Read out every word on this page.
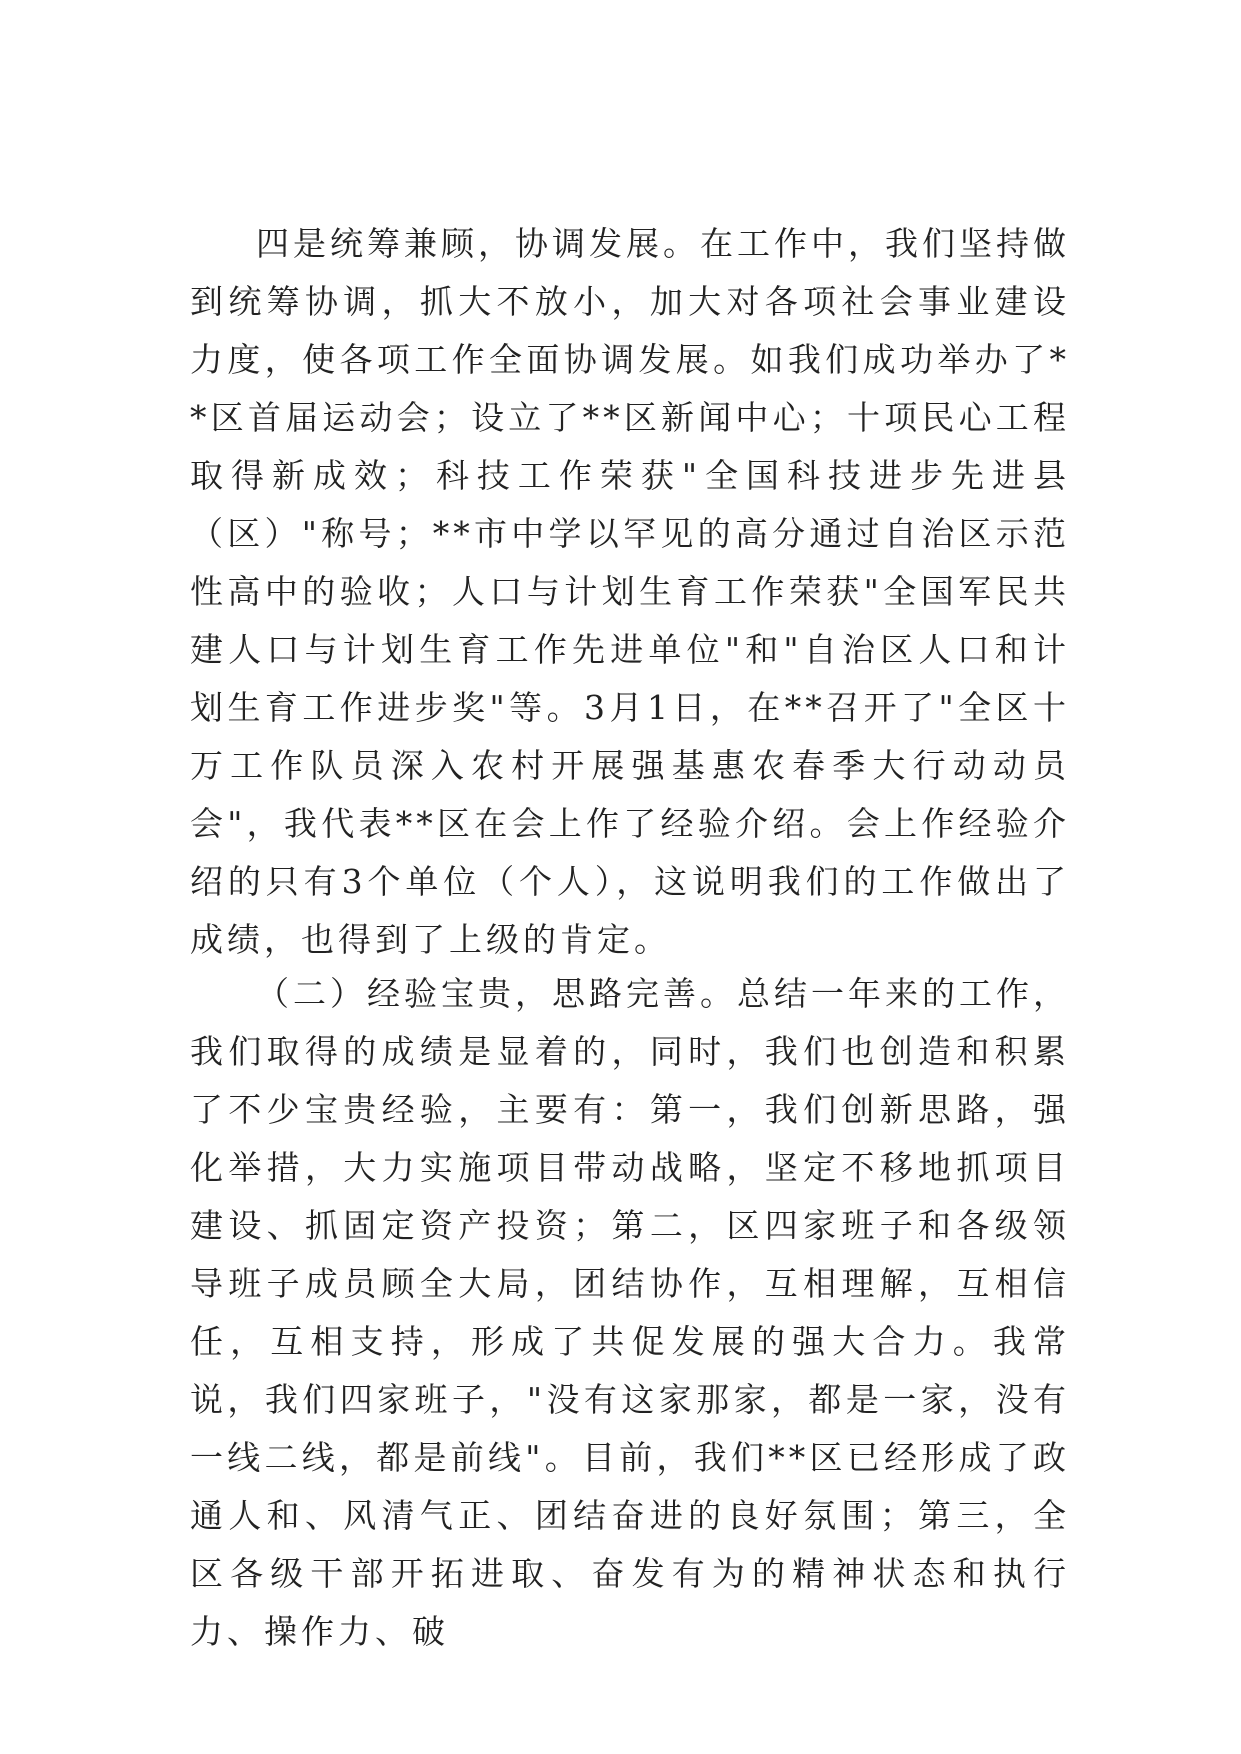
四是统筹兼顾，协调发展。在工作中，我们坚持做到统筹协调，抓大不放小，加大对各项社会事业建设力度，使各项工作全面协调发展。如我们成功举办了**区首届运动会；设立了**区新闻中心；十项民心工程取得新成效；科技工作荣获"全国科技进步先进县（区）"称号；**市中学以罕见的高分通过自治区示范性高中的验收；人口与计划生育工作荣获"全国军民共建人口与计划生育工作先进单位"和"自治区人口和计划生育工作进步奖"等。3月1日，在**召开了"全区十万工作队员深入农村开展强基惠农春季大行动动员会"，我代表**区在会上作了经验介绍。会上作经验介绍的只有3个单位（个人），这说明我们的工作做出了成绩，也得到了上级的肯定。

（二）经验宝贵，思路完善。总结一年来的工作，我们取得的成绩是显着的，同时，我们也创造和积累了不少宝贵经验，主要有：第一，我们创新思路，强化举措，大力实施项目带动战略，坚定不移地抓项目建设、抓固定资产投资；第二，区四家班子和各级领导班子成员顾全大局，团结协作，互相理解，互相信任，互相支持，形成了共促发展的强大合力。我常说，我们四家班子，"没有这家那家，都是一家，没有一线二线，都是前线"。目前，我们**区已经形成了政通人和、风清气正、团结奋进的良好氛围；第三，全区各级干部开拓进取、奋发有为的精神状态和执行力、操作力、破
